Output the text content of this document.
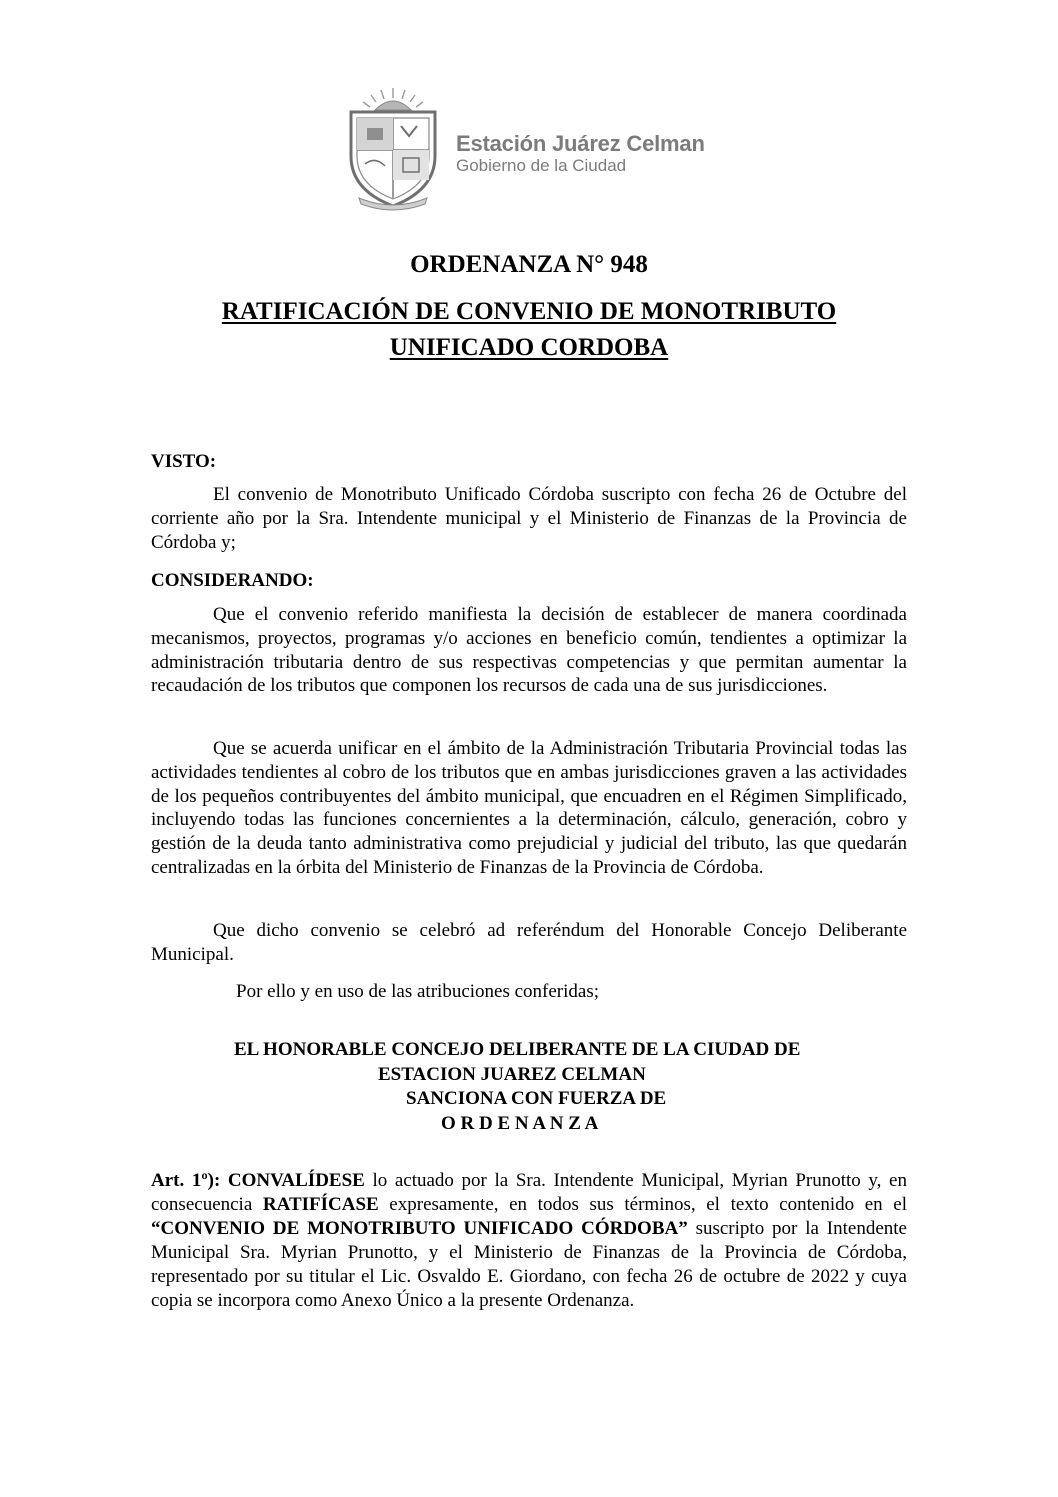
Estación Juárez Celman
Gobierno de la Ciudad
ORDENANZA N° 948
RATIFICACIÓN DE CONVENIO DE MONOTRIBUTO
UNIFICADO CORDOBA
VISTO:

El convenio de Monotributo Unificado Córdoba suscripto con fecha 26 de Octubre del corriente año por la Sra. Intendente municipal y el Ministerio de Finanzas de la Provincia de Córdoba y;

CONSIDERANDO:

Que el convenio referido manifiesta la decisión de establecer de manera coordinada mecanismos, proyectos, programas y/o acciones en beneficio común, tendientes a optimizar la administración tributaria dentro de sus respectivas competencias y que permitan aumentar la recaudación de los tributos que componen los recursos de cada una de sus jurisdicciones.

Que se acuerda unificar en el ámbito de la Administración Tributaria Provincial todas las actividades tendientes al cobro de los tributos que en ambas jurisdicciones graven a las actividades de los pequeños contribuyentes del ámbito municipal, que encuadren en el Régimen Simplificado, incluyendo todas las funciones concernientes a la determinación, cálculo, generación, cobro y gestión de la deuda tanto administrativa como prejudicial y judicial del tributo, las que quedarán centralizadas en la órbita del Ministerio de Finanzas de la Provincia de Córdoba.

Que dicho convenio se celebró ad referéndum del Honorable Concejo Deliberante Municipal.

Por ello y en uso de las atribuciones conferidas;
EL HONORABLE CONCEJO DELIBERANTE DE LA CIUDAD DE
ESTACION JUAREZ CELMAN
SANCIONA CON FUERZA DE
O R D E N A N Z A

Art. 1º): CONVALÍDESE lo actuado por la Sra. Intendente Municipal, Myrian Prunotto y, en consecuencia RATIFÍCASE expresamente, en todos sus términos, el texto contenido en el “CONVENIO DE MONOTRIBUTO UNIFICADO CÓRDOBA” suscripto por la Intendente Municipal Sra. Myrian Prunotto, y el Ministerio de Finanzas de la Provincia de Córdoba, representado por su titular el Lic. Osvaldo E. Giordano, con fecha 26 de octubre de 2022 y cuya copia se incorpora como Anexo Único a la presente Ordenanza.
